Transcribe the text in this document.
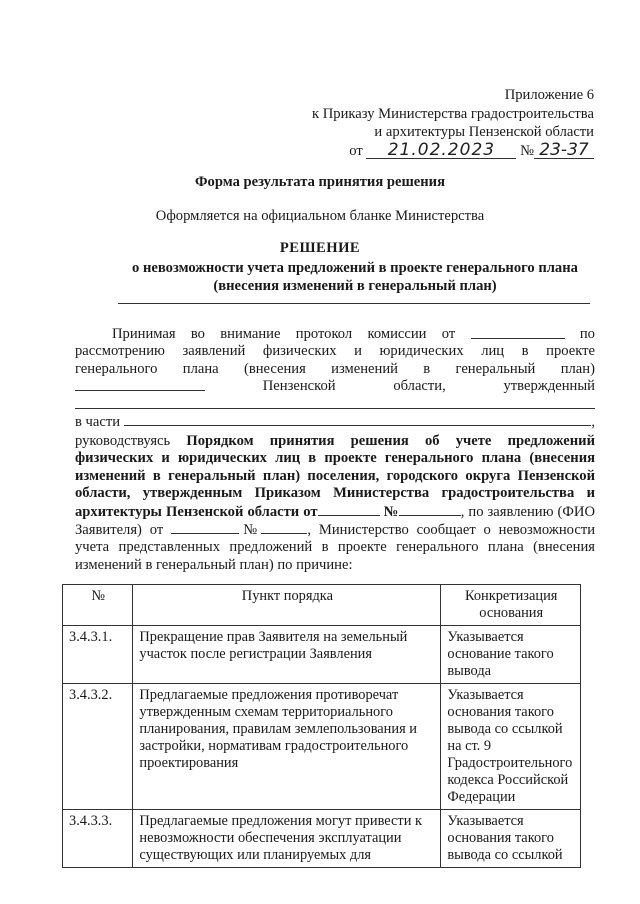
Приложение 6
к Приказу Министерства градостроительства
и архитектуры Пензенской области
от 21.02.2023 № 23-37
Форма результата принятия решения
Оформляется на официальном бланке Министерства
РЕШЕНИЕ
о невозможности учета предложений в проекте генерального плана
(внесения изменений в генеральный план)
Принимая во внимание протокол комиссии от	по
рассмотрению заявлений физических и юридических лиц в проекте
генерального плана (внесения изменений в генеральный план)
Пензенской	области,	утвержденный
в части	,

руководствуясь Порядком принятия решения об учете предложений физических и юридических лиц в проекте генерального плана (внесения изменений в генеральный план) поселения, городского округа Пензенской области, утвержденным Приказом Министерства градостроительства и архитектуры Пензенской области от	№	, по заявлению (ФИО Заявителя) от	№	, Министерство сообщает о невозможности учета представленных предложений в проекте генерального плана (внесения изменений в генеральный план) по причине:

№	Пункт порядка	Конкретизация основания
3.4.3.1.	Прекращение прав Заявителя на земельный участок после регистрации Заявления	Указывается основание такого вывода
3.4.3.2.	Предлагаемые предложения противоречат утвержденным схемам территориального планирования, правилам землепользования и застройки, нормативам градостроительного проектирования	Указывается основания такого вывода со ссылкой на ст. 9 Градостроительного кодекса Российской Федерации
3.4.3.3.	Предлагаемые предложения могут привести к невозможности обеспечения эксплуатации существующих или планируемых для	Указывается основания такого вывода со ссылкой
